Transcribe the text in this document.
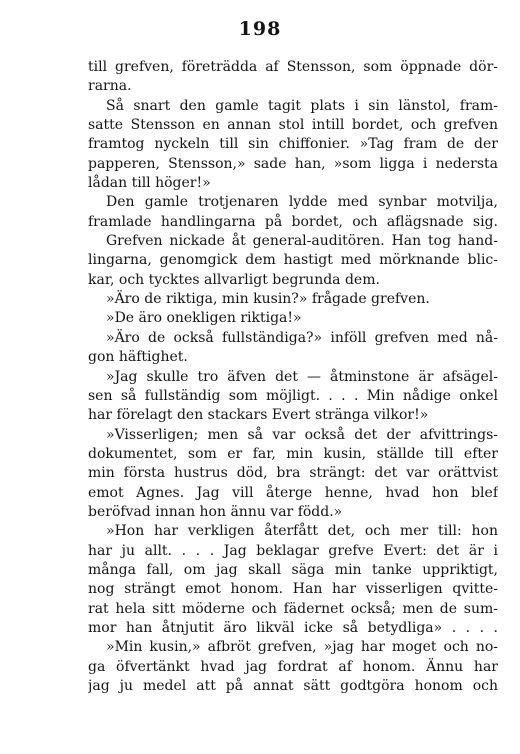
198
till grefven, företrädda af Stensson, som öppnade dör-
rarna.
Så snart den gamle tagit plats i sin länstol, fram-
satte Stensson en annan stol intill bordet, och grefven
framtog nyckeln till sin chiffonier. »Tag fram de der
papperen, Stensson,» sade han, »som ligga i nedersta
lådan till höger!»
Den gamle trotjenaren lydde med synbar motvilja,
framlade handlingarna på bordet, och aflägsnade sig.
Grefven nickade åt general-auditören. Han tog hand-
lingarna, genomgick dem hastigt med mörknande blic-
kar, och tycktes allvarligt begrunda dem.
»Äro de riktiga, min kusin?» frågade grefven.
»De äro onekligen riktiga!»
»Äro de också fullständiga?» inföll grefven med nå-
gon häftighet.
»Jag skulle tro äfven det — åtminstone är afsägel-
sen så fullständig som möjligt. . . . Min nådige onkel
har förelagt den stackars Evert stränga vilkor!»
»Visserligen; men så var också det der afvittrings-
dokumentet, som er far, min kusin, ställde till efter
min första hustrus död, bra strängt: det var orättvist
emot Agnes. Jag vill återge henne, hvad hon blef
beröfvad innan hon ännu var född.»
»Hon har verkligen återfått det, och mer till: hon
har ju allt. . . . Jag beklagar grefve Evert: det är i
många fall, om jag skall säga min tanke uppriktigt,
nog strängt emot honom. Han har visserligen qvitte-
rat hela sitt möderne och fädernet också; men de sum-
mor han åtnjutit äro likväl icke så betydliga» . . . .
»Min kusin,» afbröt grefven, »jag har moget och no-
ga öfvertänkt hvad jag fordrat af honom. Ännu har
jag ju medel att på annat sätt godtgöra honom och
